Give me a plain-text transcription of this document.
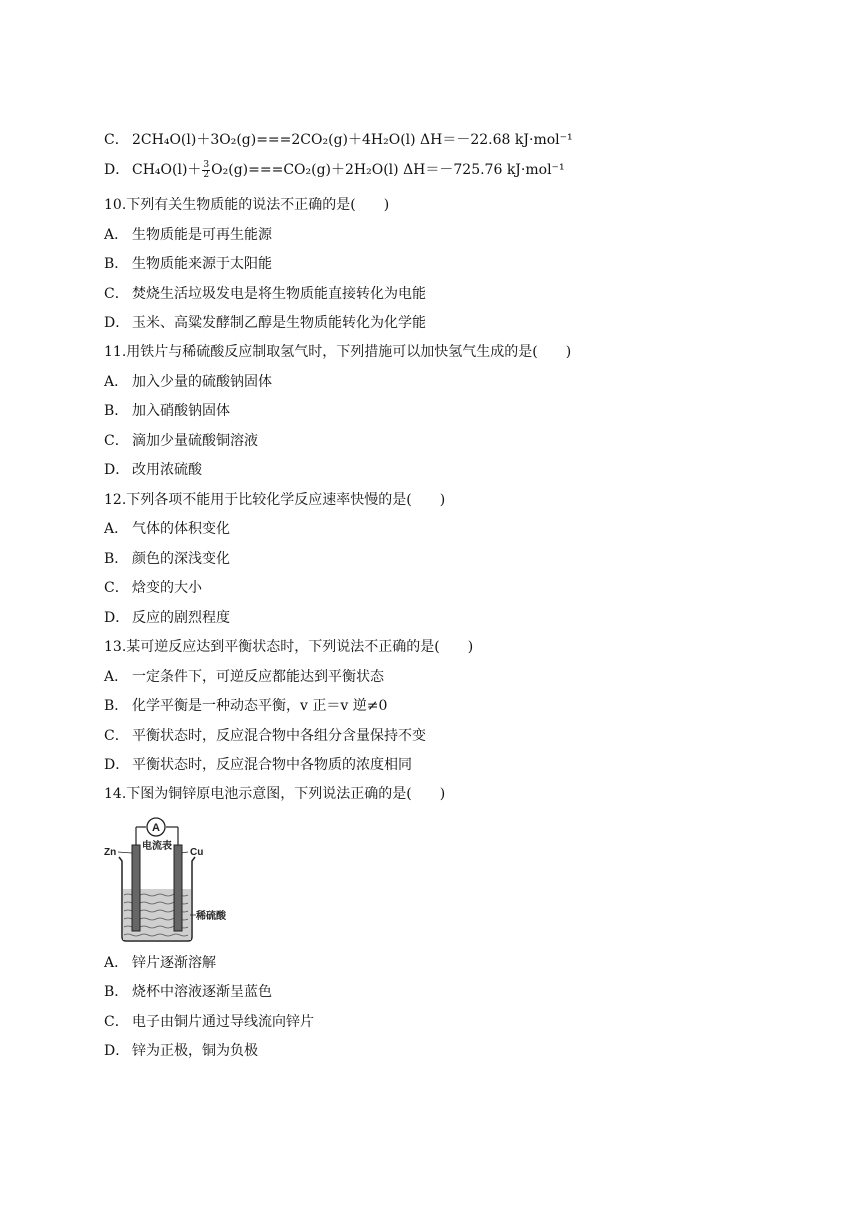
C． 2CH₄O(l)＋3O₂(g)===2CO₂(g)＋4H₂O(l) ΔH＝－22.68 kJ·mol⁻¹
D． $CH_4O(l)+ \frac{3}{2} O_2(g)===CO_2(g)+2H_2O(l)$ ΔH＝－725.76 kJ·mol⁻¹
10.下列有关生物质能的说法不正确的是(　　)
A． 生物质能是可再生能源
B． 生物质能来源于太阳能
C． 焚烧生活垃圾发电是将生物质能直接转化为电能
D． 玉米、高粱发酵制乙醇是生物质能转化为化学能
11.用铁片与稀硫酸反应制取氢气时，下列措施可以加快氢气生成的是(　　)
A． 加入少量的硫酸钠固体
B． 加入硝酸钠固体
C． 滴加少量硫酸铜溶液
D． 改用浓硫酸
12.下列各项不能用于比较化学反应速率快慢的是(　　)
A． 气体的体积变化
B． 颜色的深浅变化
C． 焓变的大小
D． 反应的剧烈程度
13.某可逆反应达到平衡状态时，下列说法不正确的是(　　)
A． 一定条件下，可逆反应都能达到平衡状态
B． 化学平衡是一种动态平衡，v 正＝v 逆≠0
C． 平衡状态时，反应混合物中各组分含量保持不变
D． 平衡状态时，反应混合物中各物质的浓度相同
14.下图为铜锌原电池示意图，下列说法正确的是(　　)
A
电流表
Zn	Cu
稀硫酸
A． 锌片逐渐溶解
B． 烧杯中溶液逐渐呈蓝色
C． 电子由铜片通过导线流向锌片
D． 锌为正极，铜为负极
